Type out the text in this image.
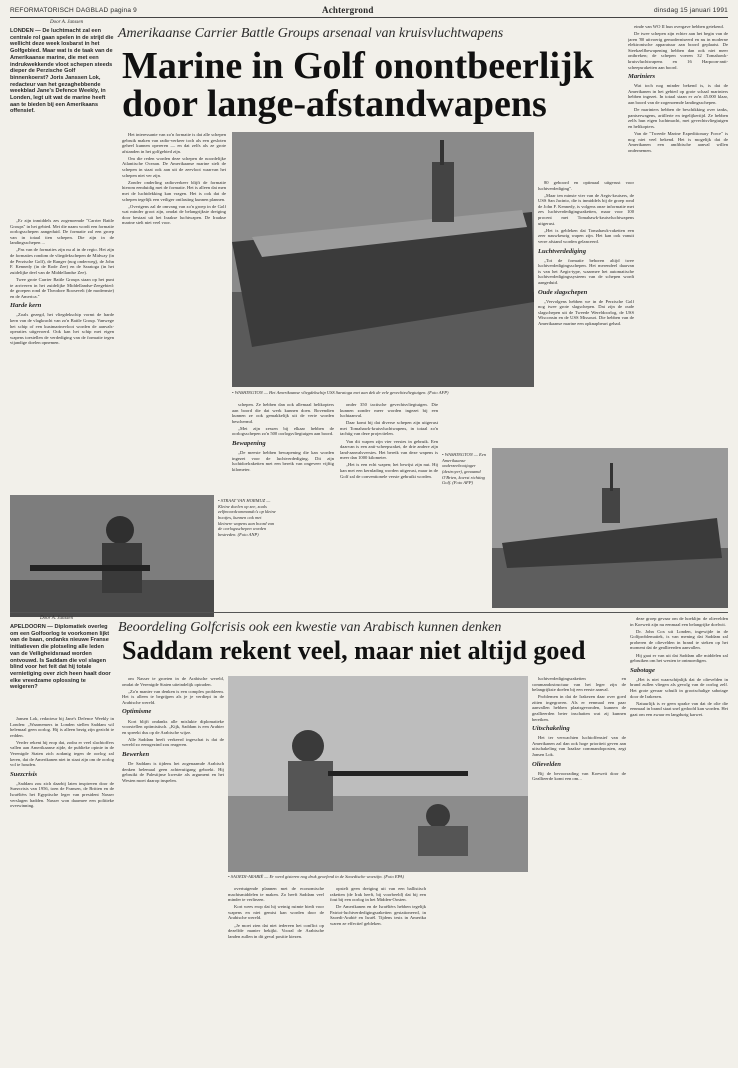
REFORMATORISCH DAGBLAD pagina 9	Achtergrond	dinsdag 15 januari 1991
Door A. Janssen
LONDEN — De luchtmacht zal een centrale rol gaan spelen in de strijd die wellicht deze week losbarst in het Golfgebied. Maar wat is de taak van de Amerikaanse marine, die met een indrukwekkende vloot schepen steeds dieper de Perzische Golf binnenkoerst? Joris Janssen Lok, redacteur van het gezaghebbende weekblad Jane's Defence Weekly, in Londen, legt uit wat de marine heeft aan te bieden bij een Amerikaans offensief.
Amerikaanse Carrier Battle Groups arsenaal van kruisvluchtwapens
Marine in Golf onontbeerlijk
door lange-afstandwapens

„Er zijn inmiddels zes zogenoemde "Carrier Battle Groups" in het gebied. Met die naam wordt een formatie oorlogsschepen aangeduid. De formatie zal een groep van in totaal tien schepen. Die zijn in de landingsschepen ...

„Pas van de formaties zijn nu al in de regio. Het zijn de formaties rondom de vliegdekschepen de Midway (in de Perzische Golf), de Ranger (nog onderweg), de John F. Kennedy (in de Rode Zee) en de Saratoga (in het zuidelijke deel van de Middellandse Zee).

Twee grote Carrier Battle Groups staan op het punt te arriveren in het zuidelijke Middellandse-Zeegebied: de groepen rond de Theodore Roosevelt (de modernste) en de America."

Harde kern

„Zoals gezegd, het vliegdekschip vormt de harde kern van de vlagkracht van zo'n Battle Group. Vanwege het schip of een kustmarinevloot worden de aanvals-operaties uitgevoerd. Ook kan het schip met eigen wapens toestellen de verdediging van de formatie tegen vijandige doelen opnemen.

Het interessante van zo'n formatie is dat alle schepen gebruik maken van radio-verkeer toch als een gesloten geheel kunnen opereren — en dat zelfs als ze grote afstanden in het golfgebied zijn.

Om die reden worden deze schepen de noordelijke Atlantische Oceaan. De Amerikaanse marine stelt de schepen in staat ook aan uit de zeevloot waarvan het schepen niet ver zijn.

Zonder onderling radioverkeer blijft de formatie hierom eenduidig met de formatie. Het is alleen dat men met de luchtdekking kan vragen. Het is ook dat de schepen tegelijk een veiliger ontlasting kunnen plannen.

„Overigens zal de omvang van zo'n groep in de Golf wat minder groot zijn, omdat de belangrijkste dreiging door bestaat uit het Iraakse luchtwapen. De Iraakse marine stelt niet veel voor.

• WASHINGTON — Het Amerikaanse vliegdekschip USS Saratoga met aan dek de vele gevechtsvliegtuigen. (Foto AFP)

schepen. Ze hebben dan ook allemaal helikopters aan boord die dat werk kunnen doen. Bovendien kunnen ze ook gemakkelijk uit de verte worden beschermd.

„Met zijn zessen bij elkaar hebben de oorlogsschepen zo'n 500 oorlogsvliegtuigen aan boord.

Bewapening

„De meeste hebben bewapening die kan worden ingezet voor de luchtverdediging. Dit zijn luchtdoelraketten met een bereik van ongeveer vijftig kilometer.

onder 350 tactische gevechtsvliegtuigen. Die kunnen zonder meer worden ingezet bij een luchtaanval.

Daar komt bij dat diverse schepen zijn uitgerust met Tomahawk-kruisvluchtwapens, in totaal zo'n tachtig van deze projectielen.

Van dit wapen zijn vier versies in gebruik. Een daarvan is een anti-scheepsraket, de drie andere zijn land-aanvalsversies. Het bereik van deze wapens is meer dan 1000 kilometer.

„Het is een echt wapen; het bewijst zijn nut. Hij kan met een kernlading worden uitgerust, maar in de Golf zal de conventionele versie gebruikt worden.

80 geboord en optimaal uitgerust voor luchtverdediging".

„Maar ten minste vier van de Aegis-kruisers, de USS San Jacinto, die is inmiddels bij de groep rond de John F. Kennedy, is volgens onze informatie met zes luchtverdedigingsraketten, maar voor 100 procent met Tomahawk-kruisvluchtwapens uitgerust.

„Het is gebleken dat Tomahawk-raketten een zeer nauwkeurig wapen zijn. Het kan ook vanuit verre afstand worden gelanceerd.

Luchtverdediging

„Tot de formatie behoren altijd twee luchtverdedigingsschepen. Het merendeel daarvan is van het Aegis-type, waarmee het automatische luchtverdedigingssysteem van de schepen wordt aangeduid.

Oude slagschepen

„Vervolgens hebben we in de Perzische Golf nog twee grote slagschepen. Dat zijn de oude slagschepen uit de Tweede Wereldoorlog, de USS Wisconsin en de USS Missouri. Die hebben van de Amerikaanse marine een opknapbeurt gehad.

einde van WO II hun overgave hebben getekend.

De twee schepen zijn echter aan het begin van de jaren '80 uitvoerig gemoderniseerd en nu in moderne elektronische apparatuur aan boord geplaatst. De Steekzelfbewapening hebben dan ook niet meer ontbreken; de schepen voeren 32 Tomahawk-kruisvluchtwapens en 16 Harpoon-anti-scheepsraketten aan boord.

Mariniers

Wat toch nog minder bekend is, is dat de Amerikanen in het gebied op grote schaal mariniers hebben ingezet. In totaal staan er zo'n 45.000 klaar, aan boord van de zogenoemde landingsschepen.

De mariniers hebben de beschikking over tanks, pantserwagens, artillerie en tegelijkertijd. Ze hebben zelfs hun eigen luchtmacht, met gevechtsvliegtuigen en helikopters.

Van de "Tweede Marine Expeditionary Force" is nog niet veel bekend. Het is mogelijk dat de Amerikanen een amfibische aanval willen ondernemen.

• STRAAT VAN HORMUZ — Kleine doelen op zee, zoals zelfmoordcommando's op kleine bootjes, kunnen ook met kleinere wapens aan boord van de oorlogsschepen worden bestreden. (Foto ANP)
• WASHINGTON — Een Amerikaanse onderzeebootjager (destroyer), genaamd O'Brien, koerst richting Golf. (Foto AFP)
Door A. Janssen
APELDOORN — Diplomatiek overleg om een Golfoorlog te voorkomen lijkt van de baan, ondanks nieuwe Franse initiatieven die plotseling alle leden van de Veiligheidsraad worden ontvouwd. Is Saddam die vol slagen blind voor het feit dat hij totale vernietiging over zich heen haalt door elke vreedzame oplossing te weigeren?
Beoordeling Golfcrisis ook een kwestie van Arabisch kunnen denken
Saddam rekent veel, maar niet altijd goed

Jansen Lok, redacteur bij Jane's Defence Weekly in Londen: „Waarnemers in Londen stellen Saddam wil helemaal geen oorlog. Hij is alleen bezig zijn gezicht te redden.

Verder rekent hij erop dat, zodra er veel slachtoffers vallen aan Amerikaanse zijde, de publieke opinie in de Verenigde Staten zich zodanig tegen de oorlog zal keren, dat de Amerikanen niet in staat zijn om de oorlog vol te houden.

Suezcrisis

„Saddam zou zich daarbij laten inspireren door de Suezcrisis van 1956, toen de Fransen, de Britten en de Israëliërs het Egyptische leger van president Nasser verslagen hadden. Nasser won daarmee een politieke overwinning.

om Nasser te groeten in de Arabische wereld, omdat de Verenigde Staten uiteindelijk optraden.

„Zo'n manier van denken is een complex probleem. Het is alleen te begrijpen als je je verdiept in de Arabische wereld.

Optimisme

Kort blijft ondanks alle mislukte diplomatieke voorstellen optimistisch. „Kijk, Saddam is een Arabier en spreekt dus op de Arabische wijze.

Alle Saddam heeft verkeerd ingeschat is dat de wereld zo eensgezind zou reageren.

Bewerken

De Saddam is tijdens het zogenaamde Arabisch denken helemaal geen achteruitgang geboekt. Hij gebruikt de Palestijnse kwestie als argument en het Westen moet daarop inspelen.

• SAOEDI-ARABIË — Er werd gisteren nog druk geoefend in de Saoedische woestijn. (Foto EPA)

overtuigende plannen met de economische machtsmiddelen te maken. Zo heeft Saddam veel minder te verliezen.

Kort wees erop dat hij weinig ruimte biedt voor wapens en niet gemist kan worden door de Arabische wereld.

„Je moet zien dat niet iedereen het conflict op dezelfde manier bekijkt. Vooral de Arabische landen zullen in dit geval positie kiezen.

opstelt geen dreiging uit van een ballistisch raketten (de Irak heeft, bij voorbeeld) dat bij een fout bij een oorlog in het Midden-Oosten.

De Amerikanen en de Israëliërs hebben tegelijk Patriot-luchtverdedigingsraketten gestationeerd, in Saoedi-Arabië en Israël. Tijdens tests in Amerika waren ze effectief gebleken.

luchtverdedigingsraketten en commandostructuur van het leger zijn de belangrijkste doelen bij een eerste aanval.

Problemen in dat de Irakezen daar over goed zitten ingegraven. Als er eenmaal een paar aanvallen hebben plaatsgevonden, kunnen de geallieerden beter inschatten wat zij kunnen bereiken.

Uitschakeling

Het ter verwachten luchtoffensief van de Amerikanen zal dan ook hoge prioriteit geven aan uitschakeling van Iraakse commandoposten, zegt Jansen Lok.

Olievelden

Bij de bevoorrading van Koeweit door de Geallieerde komt een om...

deze groep gevaar om de hoeklijn: de olievelden in Koeweit zijn nu eenmaal een belangrijke doelwit.

Dr. John Cox uit Londen, ingewijde in de Golfproblematiek, is van mening dat Saddam zal proberen de olievelden in brand te steken op het moment dat de geallieerden aanvallen.

Hij gaat er van uit dat Saddam alle middelen zal gebruiken om het westen te ontmoedigen.

Sabotage

„Het is niet waarschijnlijk dat de olievelden in brand zullen vliegen als gevolg van de oorlog zelf. Het grote gevaar schuilt in grootschalige sabotage door de Irakezen.

Natuurlijk is er geen sprake van dat de olie die eenmaal in brand staat snel gedoofd kan worden. Het gaat om een zwaar en langdurig karwei.
